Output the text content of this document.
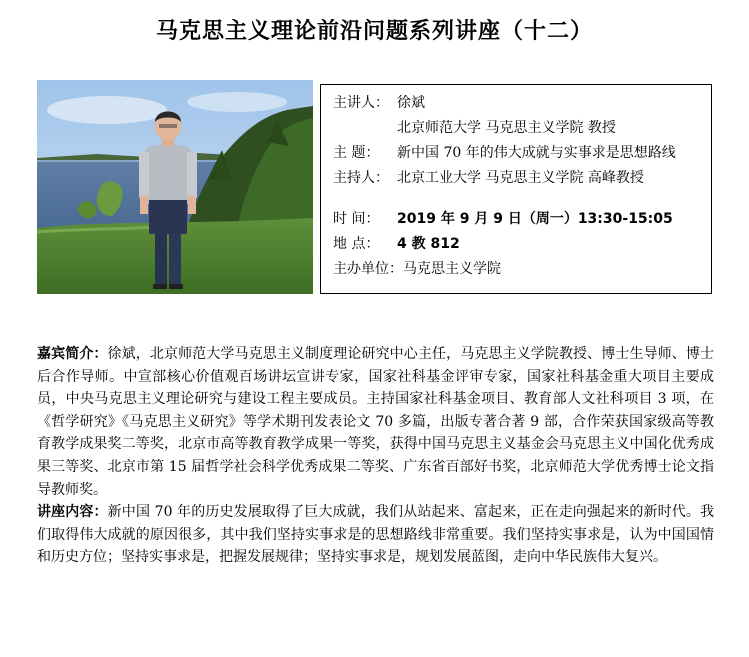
马克思主义理论前沿问题系列讲座（十二）
主讲人： 徐斌
北京师范大学 马克思主义学院 教授
主 题：	新中国 70 年的伟大成就与实事求是思想路线
主持人： 北京工业大学 马克思主义学院 高峰教授
时 间：	2019 年 9 月 9 日（周一）13:30-15:05
地 点：	4 教 812
主办单位： 马克思主义学院

嘉宾简介：徐斌，北京师范大学马克思主义制度理论研究中心主任，马克思主义学院教授、博士生导师、博士后合作导师。中宣部核心价值观百场讲坛宣讲专家，国家社科基金评审专家，国家社科基金重大项目主要成员，中央马克思主义理论研究与建设工程主要成员。主持国家社科基金项目、教育部人文社科项目 3 项，在《哲学研究》《马克思主义研究》等学术期刊发表论文 70 多篇，出版专著合著 9 部，合作荣获国家级高等教育教学成果奖二等奖，北京市高等教育教学成果一等奖，获得中国马克思主义基金会马克思主义中国化优秀成果三等奖、北京市第 15 届哲学社会科学优秀成果二等奖、广东省百部好书奖，北京师范大学优秀博士论文指导教师奖。

讲座内容：新中国 70 年的历史发展取得了巨大成就，我们从站起来、富起来，正在走向强起来的新时代。我们取得伟大成就的原因很多，其中我们坚持实事求是的思想路线非常重要。我们坚持实事求是，认为中国国情和历史方位；坚持实事求是，把握发展规律；坚持实事求是，规划发展蓝图，走向中华民族伟大复兴。
